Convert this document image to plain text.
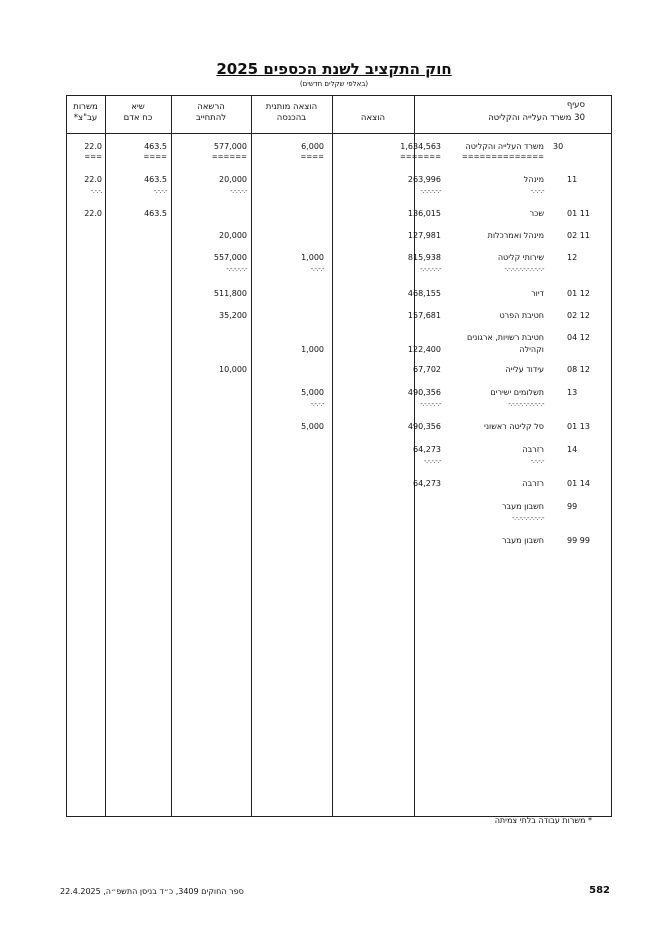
חוק התקציב לשנת הכספים 2025
(באלפי שקלים חדשים)
סעיף
30 משרד העלייה והקליטה
הוצאה
הוצאה מותנית
בהכנסה
הרשאה
להתחייב
שיא
כח אדם
משרות
עב"צ*
30
משרד העלייה והקליטה
==============
1,634,563
=======
6,000
====
577,000
======
463.5
====
22.0
===
11
מינהל
-.-.-.-
263,996
-.-.-.-.-.-
20,000
-.-.-.-.-
463.5
-.-.-.-
22.0
-.-.-.
01 11
שכר
136,015
463.5
22.0
02 11
מינהל ואמרכלות
127,981
20,000
12
שירותי קליטה
-.-.-.-.-.-.-.-.-.-.-
815,938
-.-.-.-.-.-
1,000
-.-.-.-
557,000
-.-.-.-.-.-
01 12
דיור
468,155
511,800
02 12
חטיבת הפרט
157,681
35,200
04 12
חטיבת רשויות, ארגונים
וקהילה
122,400
1,000
08 12
עידוד עלייה
67,702
10,000
13
תשלומים ישירים
-.-.-.-.-.-.-.-.-.-
490,356
-.-.-.-.-.-
5,000
-.-.-.-
01 13
סל קליטה ראשוני
490,356
5,000
14
רזרבה
-.-.-.-
64,273
-.-.-.-.-
01 14
רזרבה
64,273
99
חשבון מעבר
-.-.-.-.-.-.-.-.-
99 99
חשבון מעבר
* משרות עבודה בלתי צמיתה
ספר החוקים 3409, כ״ד בניסן התשפ״ה, 22.4.2025	582
